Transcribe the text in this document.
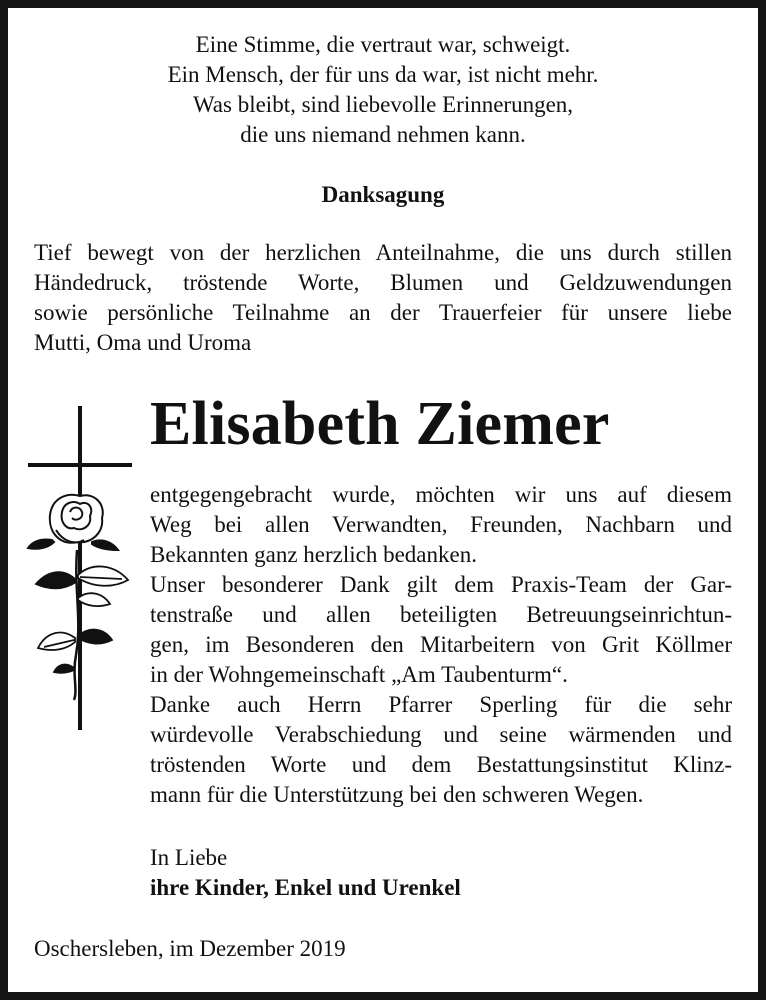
Eine Stimme, die vertraut war, schweigt.
Ein Mensch, der für uns da war, ist nicht mehr.
Was bleibt, sind liebevolle Erinnerungen,
die uns niemand nehmen kann.
Danksagung
Tief bewegt von der herzlichen Anteilnahme, die uns durch stillen
Händedruck, tröstende Worte, Blumen und Geldzuwendungen
sowie persönliche Teilnahme an der Trauerfeier für unsere liebe
Mutti, Oma und Uroma
Elisabeth Ziemer
entgegengebracht wurde, möchten wir uns auf diesem
Weg bei allen Verwandten, Freunden, Nachbarn und
Bekannten ganz herzlich bedanken.
Unser besonderer Dank gilt dem Praxis-Team der Gar-
tenstraße und allen beteiligten Betreuungseinrichtun-
gen, im Besonderen den Mitarbeitern von Grit Köllmer
in der Wohngemeinschaft „Am Taubenturm“.
Danke auch Herrn Pfarrer Sperling für die sehr
würdevolle Verabschiedung und seine wärmenden und
tröstenden Worte und dem Bestattungsinstitut Klinz-
mann für die Unterstützung bei den schweren Wegen.
In Liebe
ihre Kinder, Enkel und Urenkel
Oschersleben, im Dezember 2019
